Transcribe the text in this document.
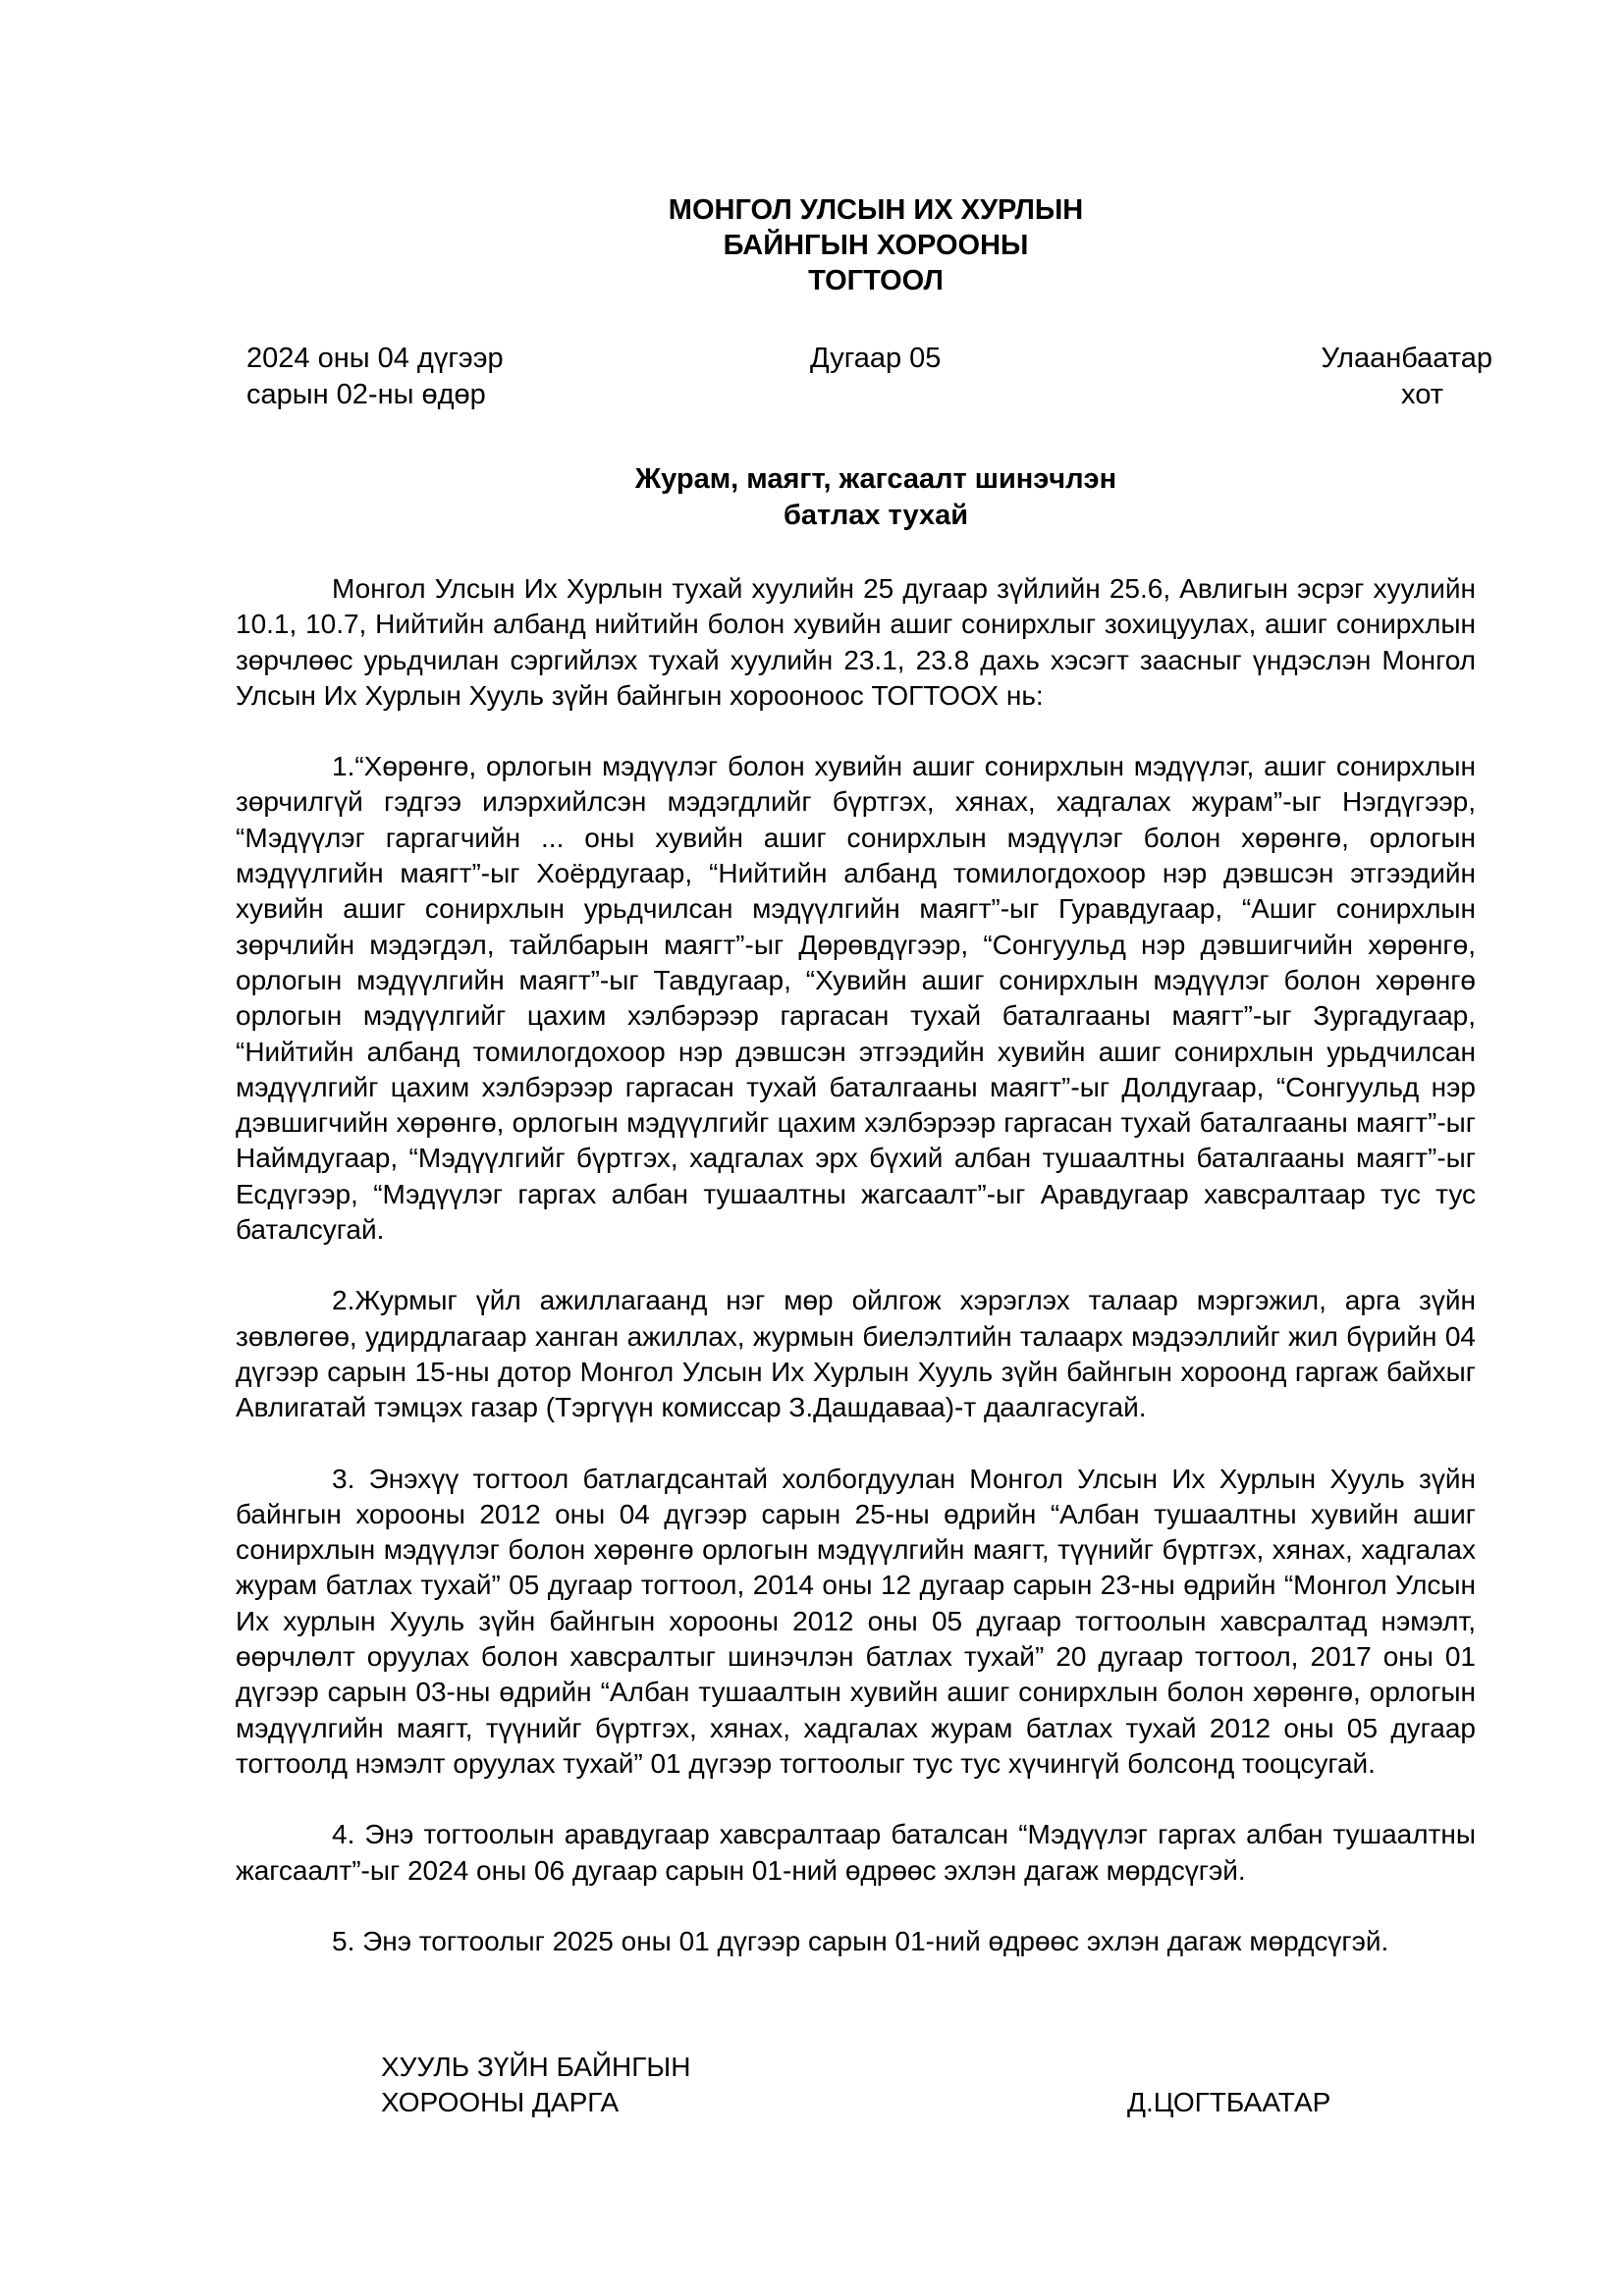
МОНГОЛ УЛСЫН ИХ ХУРЛЫН
БАЙНГЫН ХОРООНЫ
ТОГТООЛ
2024 оны 04 дүгээр
сарын 02-ны өдөр
Дугаар 05	Улаанбаатар
хот
Журам, маягт, жагсаалт шинэчлэн
батлах тухай

Монгол Улсын Их Хурлын тухай хуулийн 25 дугаар зүйлийн 25.6, Авлигын эсрэг хуулийн 10.1, 10.7, Нийтийн албанд нийтийн болон хувийн ашиг сонирхлыг зохицуулах, ашиг сонирхлын зөрчлөөс урьдчилан сэргийлэх тухай хуулийн 23.1, 23.8 дахь хэсэгт заасныг үндэслэн Монгол Улсын Их Хурлын Хууль зүйн байнгын хорооноос ТОГТООХ нь:

1.“Хөрөнгө, орлогын мэдүүлэг болон хувийн ашиг сонирхлын мэдүүлэг, ашиг сонирхлын зөрчилгүй гэдгээ илэрхийлсэн мэдэгдлийг бүртгэх, хянах, хадгалах журам”-ыг Нэгдүгээр, “Мэдүүлэг гаргагчийн ... оны хувийн ашиг сонирхлын мэдүүлэг болон хөрөнгө, орлогын мэдүүлгийн маягт”-ыг Хоёрдугаар, “Нийтийн албанд томилогдохоор нэр дэвшсэн этгээдийн хувийн ашиг сонирхлын урьдчилсан мэдүүлгийн маягт”-ыг Гуравдугаар, “Ашиг сонирхлын зөрчлийн мэдэгдэл, тайлбарын маягт”-ыг Дөрөвдүгээр, “Сонгуульд нэр дэвшигчийн хөрөнгө, орлогын мэдүүлгийн маягт”-ыг Тавдугаар, “Хувийн ашиг сонирхлын мэдүүлэг болон хөрөнгө орлогын мэдүүлгийг цахим хэлбэрээр гаргасан тухай баталгааны маягт”-ыг Зургадугаар, “Нийтийн албанд томилогдохоор нэр дэвшсэн этгээдийн хувийн ашиг сонирхлын урьдчилсан мэдүүлгийг цахим хэлбэрээр гаргасан тухай баталгааны маягт”-ыг Долдугаар, “Сонгуульд нэр дэвшигчийн хөрөнгө, орлогын мэдүүлгийг цахим хэлбэрээр гаргасан тухай баталгааны маягт”-ыг Наймдугаар, “Мэдүүлгийг бүртгэх, хадгалах эрх бүхий албан тушаалтны баталгааны маягт”-ыг Есдүгээр, “Мэдүүлэг гаргах албан тушаалтны жагсаалт”-ыг Аравдугаар хавсралтаар тус тус баталсугай.

2.Журмыг үйл ажиллагаанд нэг мөр ойлгож хэрэглэх талаар мэргэжил, арга зүйн зөвлөгөө, удирдлагаар ханган ажиллах, журмын биелэлтийн талаарх мэдээллийг жил бүрийн 04 дүгээр сарын 15-ны дотор Монгол Улсын Их Хурлын Хууль зүйн байнгын хороонд гаргаж байхыг Авлигатай тэмцэх газар (Тэргүүн комиссар З.Дашдаваа)-т даалгасугай.

3. Энэхүү тогтоол батлагдсантай холбогдуулан Монгол Улсын Их Хурлын Хууль зүйн байнгын хорооны 2012 оны 04 дүгээр сарын 25-ны өдрийн “Албан тушаалтны хувийн ашиг сонирхлын мэдүүлэг болон хөрөнгө орлогын мэдүүлгийн маягт, түүнийг бүртгэх, хянах, хадгалах журам батлах тухай” 05 дугаар тогтоол, 2014 оны 12 дугаар сарын 23-ны өдрийн “Монгол Улсын Их хурлын Хууль зүйн байнгын хорооны 2012 оны 05 дугаар тогтоолын хавсралтад нэмэлт, өөрчлөлт оруулах болон хавсралтыг шинэчлэн батлах тухай” 20 дугаар тогтоол, 2017 оны 01 дүгээр сарын 03-ны өдрийн “Албан тушаалтын хувийн ашиг сонирхлын болон хөрөнгө, орлогын мэдүүлгийн маягт, түүнийг бүртгэх, хянах, хадгалах журам батлах тухай 2012 оны 05 дугаар тогтоолд нэмэлт оруулах тухай” 01 дүгээр тогтоолыг тус тус хүчингүй болсонд тооцсугай.

4. Энэ тогтоолын аравдугаар хавсралтаар баталсан “Мэдүүлэг гаргах албан тушаалтны жагсаалт”-ыг 2024 оны 06 дугаар сарын 01-ний өдрөөс эхлэн дагаж мөрдсүгэй.

5. Энэ тогтоолыг 2025 оны 01 дүгээр сарын 01-ний өдрөөс эхлэн дагаж мөрдсүгэй.

ХУУЛЬ ЗҮЙН БАЙНГЫН
ХОРООНЫ ДАРГА	Д.ЦОГТБААТАР
